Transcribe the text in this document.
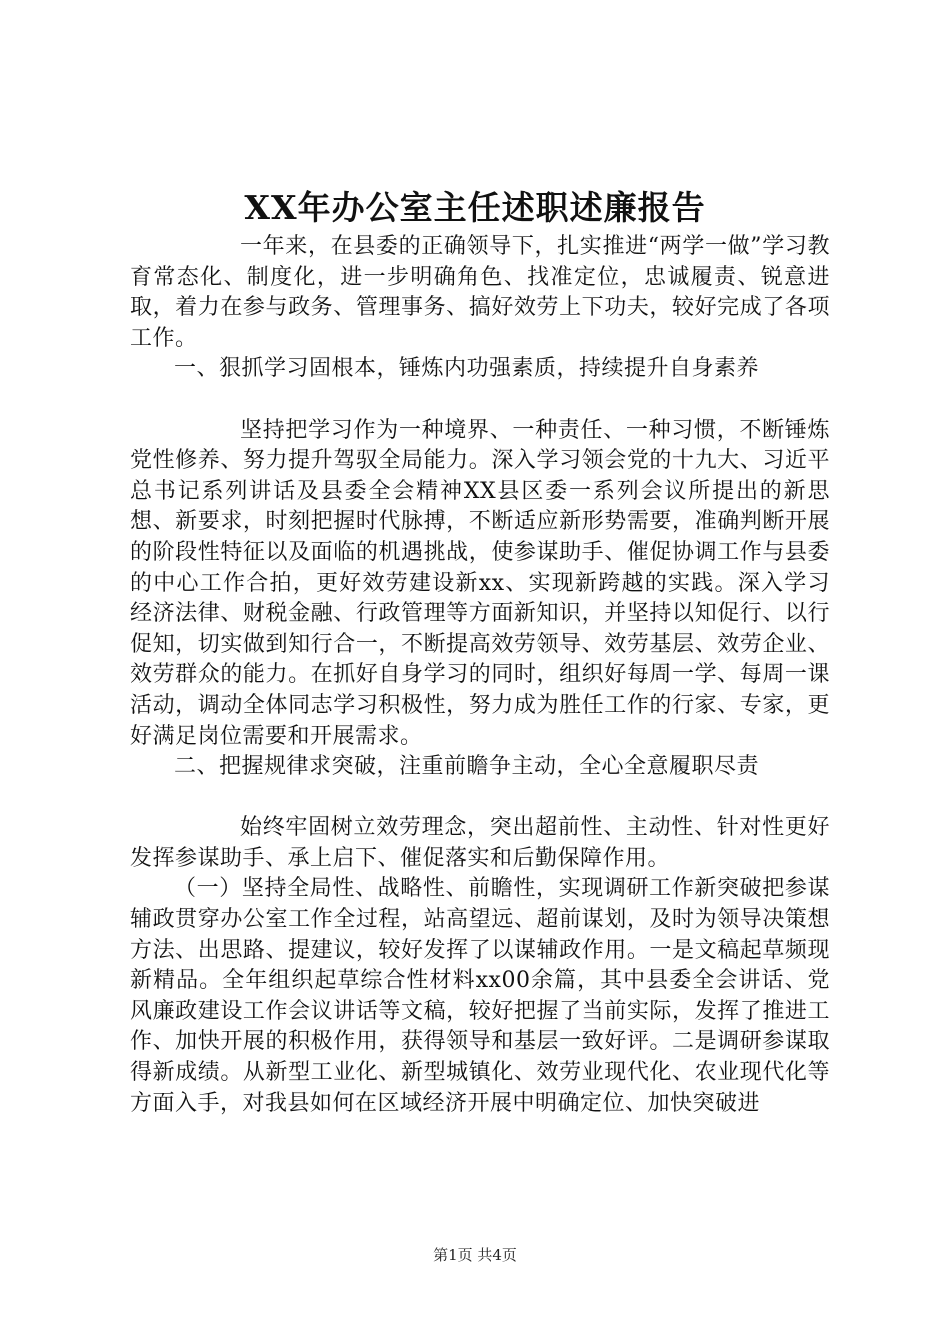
XX年办公室主任述职述廉报告

一年来，在县委的正确领导下，扎实推进“两学一做”学习教育常态化、制度化，进一步明确角色、找准定位，忠诚履责、锐意进取，着力在参与政务、管理事务、搞好效劳上下功夫，较好完成了各项工作。

一、狠抓学习固根本，锤炼内功强素质，持续提升自身素养

坚持把学习作为一种境界、一种责任、一种习惯，不断锤炼党性修养、努力提升驾驭全局能力。深入学习领会党的十九大、习近平总书记系列讲话及县委全会精神XX县区委一系列会议所提出的新思想、新要求，时刻把握时代脉搏，不断适应新形势需要，准确判断开展的阶段性特征以及面临的机遇挑战，使参谋助手、催促协调工作与县委的中心工作合拍，更好效劳建设新xx、实现新跨越的实践。深入学习经济法律、财税金融、行政管理等方面新知识，并坚持以知促行、以行促知，切实做到知行合一，不断提高效劳领导、效劳基层、效劳企业、效劳群众的能力。在抓好自身学习的同时，组织好每周一学、每周一课活动，调动全体同志学习积极性，努力成为胜任工作的行家、专家，更好满足岗位需要和开展需求。

二、把握规律求突破，注重前瞻争主动，全心全意履职尽责

始终牢固树立效劳理念，突出超前性、主动性、针对性更好发挥参谋助手、承上启下、催促落实和后勤保障作用。

（一）坚持全局性、战略性、前瞻性，实现调研工作新突破把参谋辅政贯穿办公室工作全过程，站高望远、超前谋划，及时为领导决策想方法、出思路、提建议，较好发挥了以谋辅政作用。一是文稿起草频现新精品。全年组织起草综合性材料xx00余篇，其中县委全会讲话、党风廉政建设工作会议讲话等文稿，较好把握了当前实际，发挥了推进工作、加快开展的积极作用，获得领导和基层一致好评。二是调研参谋取得新成绩。从新型工业化、新型城镇化、效劳业现代化、农业现代化等方面入手，对我县如何在区域经济开展中明确定位、加快突破进

第1页 共4页
